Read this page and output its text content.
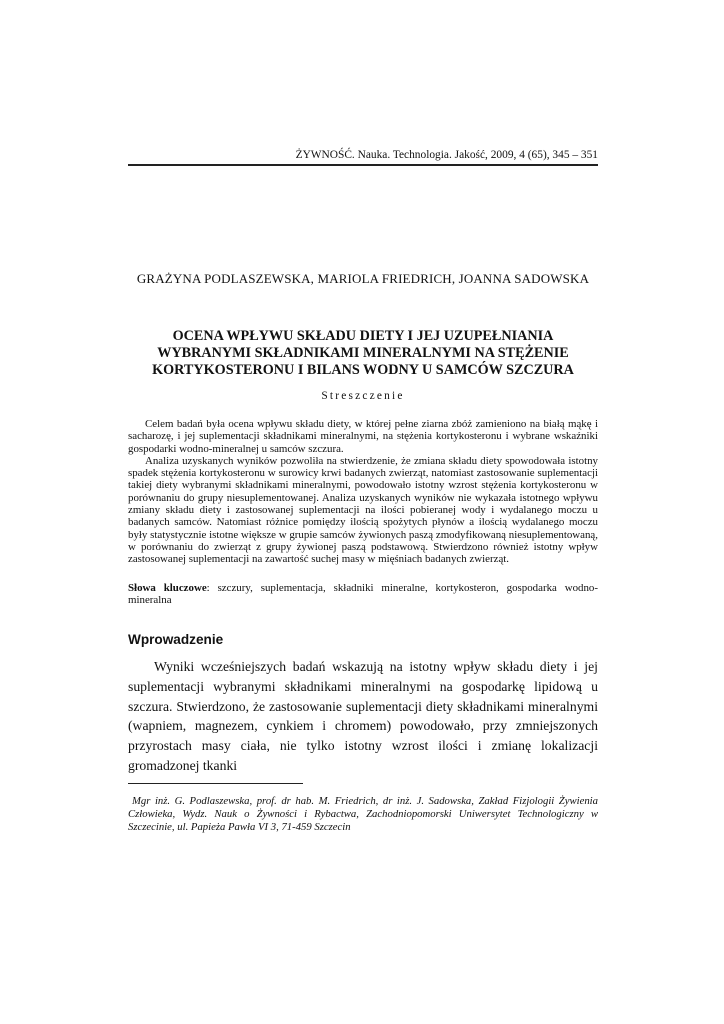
ŻYWNOŚĆ. Nauka. Technologia. Jakość, 2009, 4 (65), 345 – 351
GRAŻYNA PODLASZEWSKA, MARIOLA FRIEDRICH, JOANNA SADOWSKA
OCENA WPŁYWU SKŁADU DIETY I JEJ UZUPEŁNIANIA
WYBRANYMI SKŁADNIKAMI MINERALNYMI NA STĘŻENIE
KORTYKOSTERONU I BILANS WODNY U SAMCÓW SZCZURA
Streszczenie

Celem badań była ocena wpływu składu diety, w której pełne ziarna zbóż zamieniono na białą mąkę i sacharozę, i jej suplementacji składnikami mineralnymi, na stężenia kortykosteronu i wybrane wskaźniki gospodarki wodno-mineralnej u samców szczura.

Analiza uzyskanych wyników pozwoliła na stwierdzenie, że zmiana składu diety spowodowała istotny spadek stężenia kortykosteronu w surowicy krwi badanych zwierząt, natomiast zastosowanie suplementacji takiej diety wybranymi składnikami mineralnymi, powodowało istotny wzrost stężenia kortykosteronu w porównaniu do grupy niesuplementowanej. Analiza uzyskanych wyników nie wykazała istotnego wpływu zmiany składu diety i zastosowanej suplementacji na ilości pobieranej wody i wydalanego moczu u badanych samców. Natomiast różnice pomiędzy ilością spożytych płynów a ilością wydalanego moczu były statystycznie istotne większe w grupie samców żywionych paszą zmodyfikowaną niesuplementowaną, w porównaniu do zwierząt z grupy żywionej paszą podstawową. Stwierdzono również istotny wpływ zastosowanej suplementacji na zawartość suchej masy w mięśniach badanych zwierząt.

Słowa kluczowe: szczury, suplementacja, składniki mineralne, kortykosteron, gospodarka wodno-mineralna
Wprowadzenie

Wyniki wcześniejszych badań wskazują na istotny wpływ składu diety i jej suplementacji wybranymi składnikami mineralnymi na gospodarkę lipidową u szczura. Stwierdzono, że zastosowanie suplementacji diety składnikami mineralnymi (wapniem, magnezem, cynkiem i chromem) powodowało, przy zmniejszonych przyrostach masy ciała, nie tylko istotny wzrost ilości i zmianę lokalizacji gromadzonej tkanki

Mgr inż. G. Podlaszewska, prof. dr hab. M. Friedrich, dr inż. J. Sadowska, Zakład Fizjologii Żywienia Człowieka, Wydz. Nauk o Żywności i Rybactwa, Zachodniopomorski Uniwersytet Technologiczny w Szczecinie, ul. Papieża Pawła VI 3, 71-459 Szczecin
